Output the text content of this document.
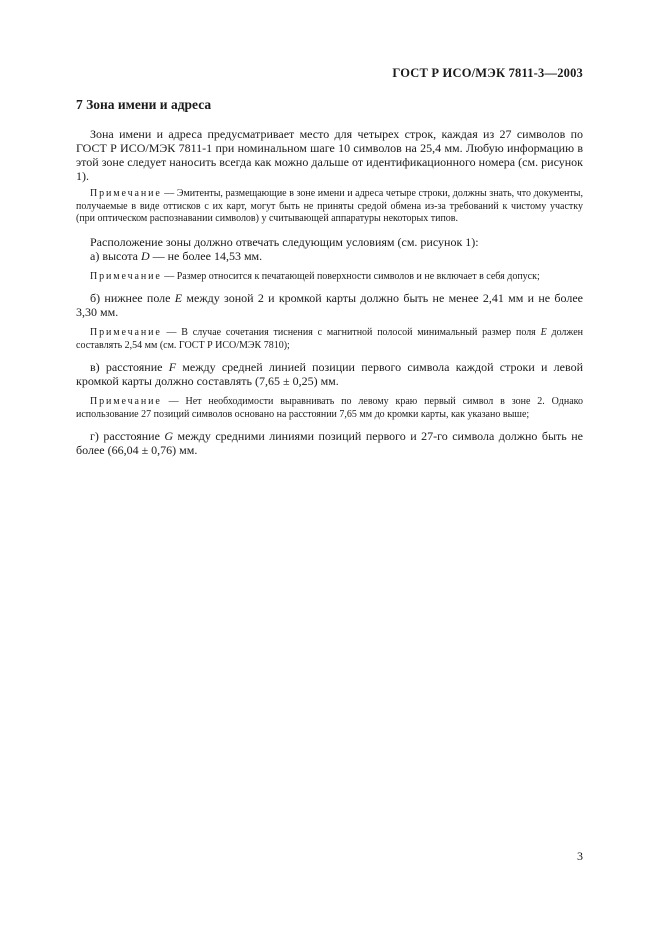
ГОСТ Р ИСО/МЭК 7811-3—2003
7 Зона имени и адреса

Зона имени и адреса предусматривает место для четырех строк, каждая из 27 символов по ГОСТ Р ИСО/МЭК 7811-1 при номинальном шаге 10 символов на 25,4 мм. Любую информацию в этой зоне следует наносить всегда как можно дальше от идентификационного номера (см. рисунок 1).

Примечание — Эмитенты, размещающие в зоне имени и адреса четыре строки, должны знать, что документы, получаемые в виде оттисков с их карт, могут быть не приняты средой обмена из-за требований к чистому участку (при оптическом распознавании символов) у считывающей аппаратуры некоторых типов.

Расположение зоны должно отвечать следующим условиям (см. рисунок 1):

а) высота D — не более 14,53 мм.

Примечание — Размер относится к печатающей поверхности символов и не включает в себя допуск;

б) нижнее поле E между зоной 2 и кромкой карты должно быть не менее 2,41 мм и не более 3,30 мм.

Примечание — В случае сочетания тиснения с магнитной полосой минимальный размер поля E должен составлять 2,54 мм (см. ГОСТ Р ИСО/МЭК 7810);

в) расстояние F между средней линией позиции первого символа каждой строки и левой кромкой карты должно составлять (7,65 ± 0,25) мм.

Примечание — Нет необходимости выравнивать по левому краю первый символ в зоне 2. Однако использование 27 позиций символов основано на расстоянии 7,65 мм до кромки карты, как указано выше;

г) расстояние G между средними линиями позиций первого и 27-го символа должно быть не более (66,04 ± 0,76) мм.

3
